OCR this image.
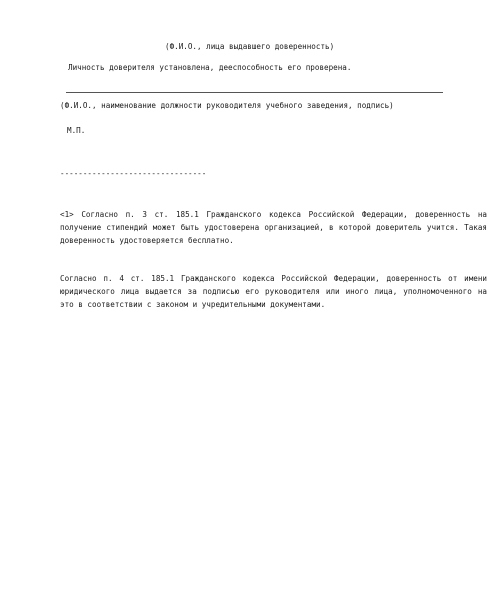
(Ф.И.О., лица выдавшего доверенность)
Личность доверителя установлена, дееспособность его проверена.
(Ф.И.О., наименование должности руководителя учебного заведения, подпись)
М.П.
--------------------------------
<1> Согласно п. 3 ст. 185.1 Гражданского кодекса Российской Федерации, доверенность на получение стипендий может быть удостоверена организацией, в которой доверитель учится. Такая доверенность удостоверяется бесплатно.
Согласно п. 4 ст. 185.1 Гражданского кодекса Российской Федерации, доверенность от имени юридического лица выдается за подписью его руководителя или иного лица, уполномоченного на это в соответствии с законом и учредительными документами.
